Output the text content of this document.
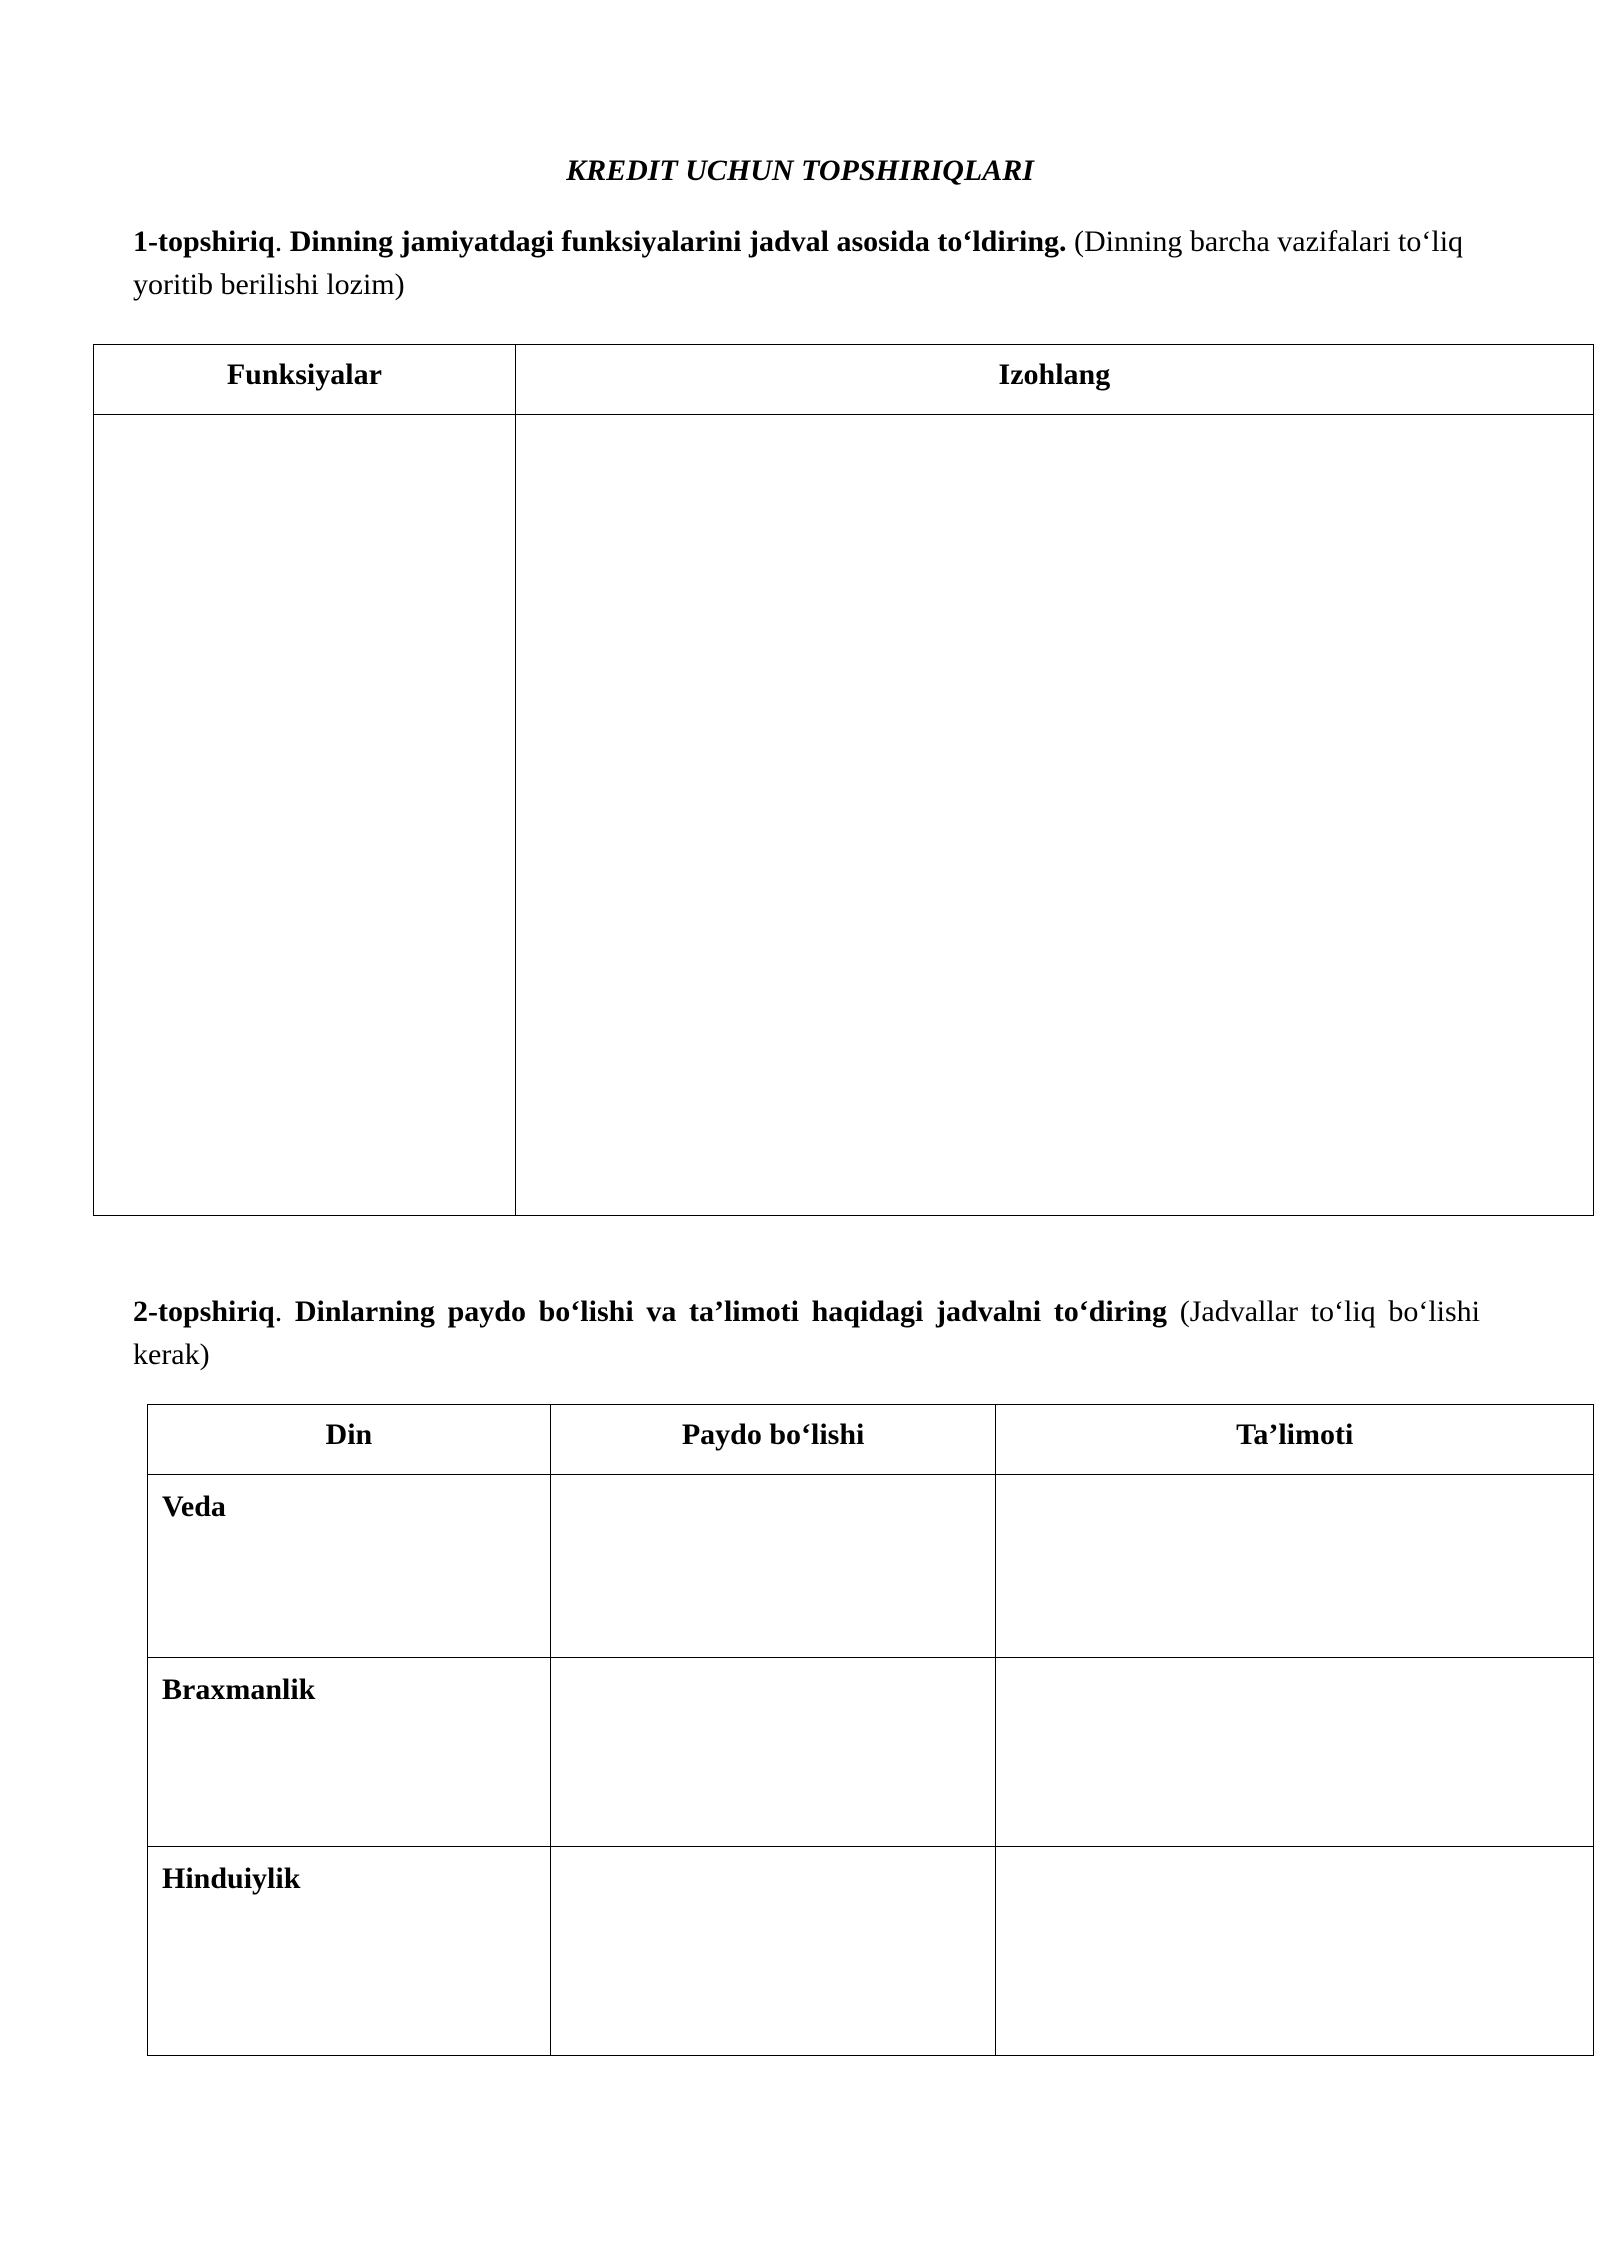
KREDIT UCHUN TOPSHIRIQLARI
1-topshiriq. Dinning jamiyatdagi funksiyalarini jadval asosida to‘ldiring. (Dinning barcha vazifalari to‘liq yoritib berilishi lozim)
Funksiyalar	Izohlang

2-topshiriq. Dinlarning paydo bo‘lishi va ta’limoti haqidagi jadvalni to‘diring (Jadvallar to‘liq bo‘lishi kerak)
Din	Paydo bo‘lishi	Ta’limoti
Veda		
Braxmanlik		
Hinduiylik		
